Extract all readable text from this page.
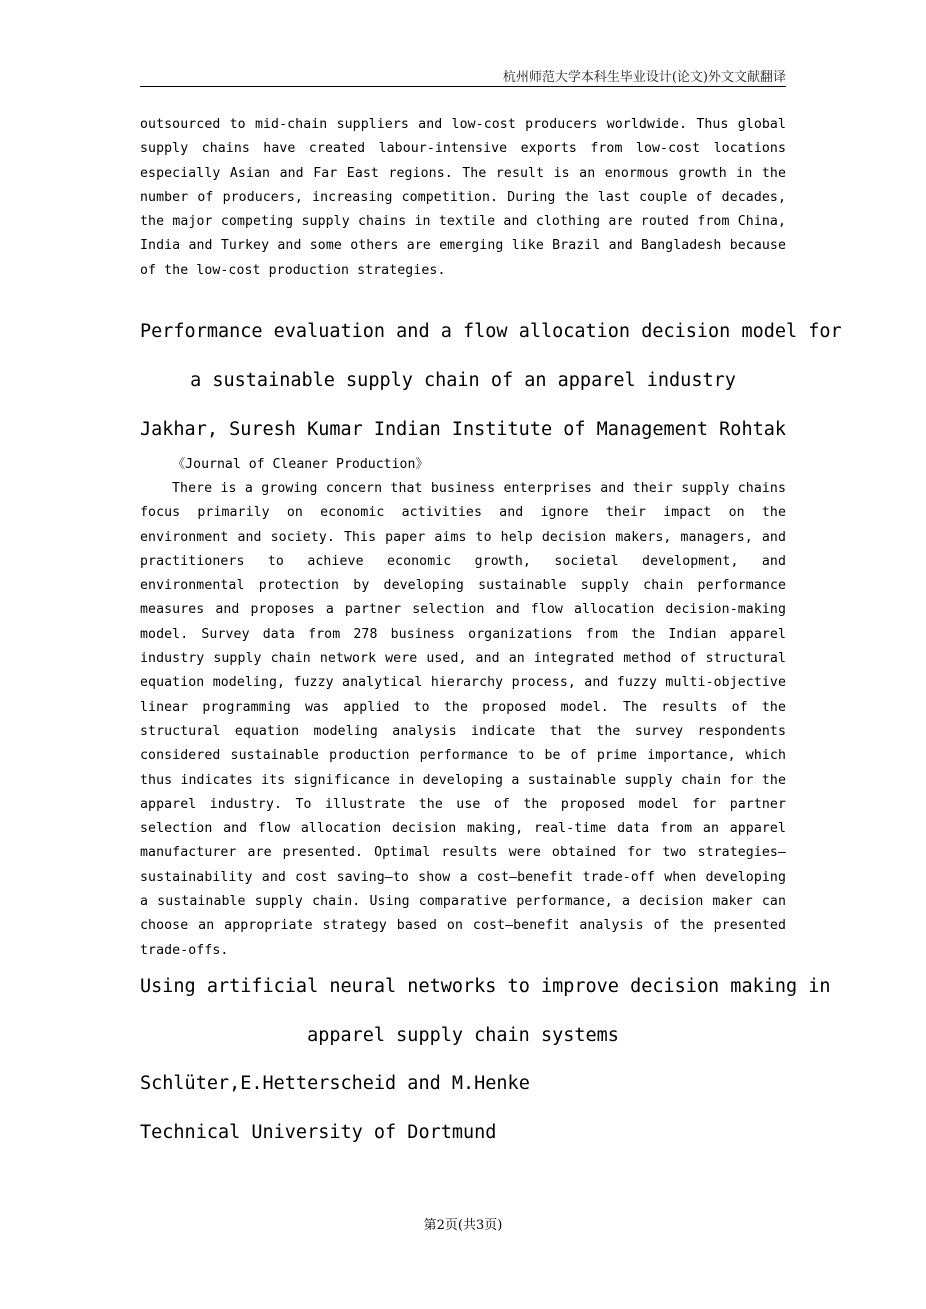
杭州师范大学本科生毕业设计(论文)外文文献翻译
outsourced to mid-chain suppliers and low-cost producers worldwide. Thus global supply chains have created labour-intensive exports from low-cost locations especially Asian and Far East regions. The result is an enormous growth in the number of producers, increasing competition. During the last couple of decades, the major competing supply chains in textile and clothing are routed from China, India and Turkey and some others are emerging like Brazil and Bangladesh because of the low-cost production strategies.
Performance evaluation and a flow allocation decision model for
a sustainable supply chain of an apparel industry
Jakhar, Suresh Kumar Indian Institute of Management Rohtak
《Journal of Cleaner Production》
There is a growing concern that business enterprises and their supply chains focus primarily on economic activities and ignore their impact on the environment and society. This paper aims to help decision makers, managers, and practitioners to achieve economic growth, societal development, and environmental protection by developing sustainable supply chain performance measures and proposes a partner selection and flow allocation decision-making model. Survey data from 278 business organizations from the Indian apparel industry supply chain network were used, and an integrated method of structural equation modeling, fuzzy analytical hierarchy process, and fuzzy multi-objective linear programming was applied to the proposed model. The results of the structural equation modeling analysis indicate that the survey respondents considered sustainable production performance to be of prime importance, which thus indicates its significance in developing a sustainable supply chain for the apparel industry. To illustrate the use of the proposed model for partner selection and flow allocation decision making, real-time data from an apparel manufacturer are presented. Optimal results were obtained for two strategies—sustainability and cost saving—to show a cost–benefit trade-off when developing a sustainable supply chain. Using comparative performance, a decision maker can choose an appropriate strategy based on cost–benefit analysis of the presented trade-offs.
Using artificial neural networks to improve decision making in
apparel supply chain systems
Schlüter,E.Hetterscheid and M.Henke
Technical University of Dortmund
第2页(共3页)
